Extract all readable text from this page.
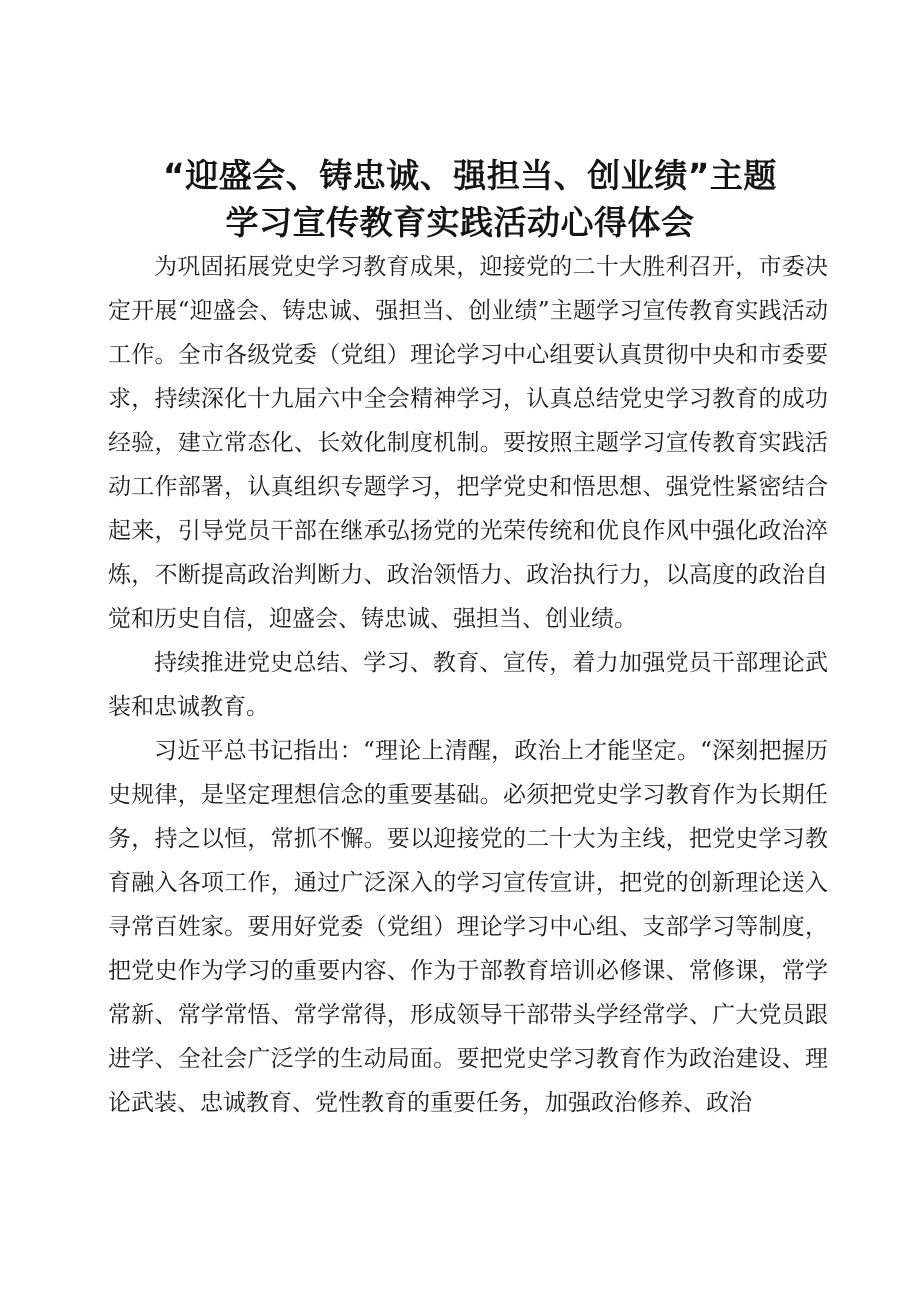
“迎盛会、铸忠诚、强担当、创业绩”主题
学习宣传教育实践活动心得体会

为巩固拓展党史学习教育成果，迎接党的二十大胜利召开，市委决定开展“迎盛会、铸忠诚、强担当、创业绩”主题学习宣传教育实践活动工作。全市各级党委（党组）理论学习中心组要认真贯彻中央和市委要求，持续深化十九届六中全会精神学习，认真总结党史学习教育的成功经验，建立常态化、长效化制度机制。要按照主题学习宣传教育实践活动工作部署，认真组织专题学习，把学党史和悟思想、强党性紧密结合起来，引导党员干部在继承弘扬党的光荣传统和优良作风中强化政治淬炼，不断提高政治判断力、政治领悟力、政治执行力，以高度的政治自觉和历史自信，迎盛会、铸忠诚、强担当、创业绩。

持续推进党史总结、学习、教育、宣传，着力加强党员干部理论武装和忠诚教育。

习近平总书记指出：“理论上清醒，政治上才能坚定。“深刻把握历史规律，是坚定理想信念的重要基础。必须把党史学习教育作为长期任务，持之以恒，常抓不懈。要以迎接党的二十大为主线，把党史学习教育融入各项工作，通过广泛深入的学习宣传宣讲，把党的创新理论送入寻常百姓家。要用好党委（党组）理论学习中心组、支部学习等制度，把党史作为学习的重要内容、作为于部教育培训必修课、常修课，常学常新、常学常悟、常学常得，形成领导干部带头学经常学、广大党员跟进学、全社会广泛学的生动局面。要把党史学习教育作为政治建设、理论武装、忠诚教育、党性教育的重要任务，加强政治修养、政治
